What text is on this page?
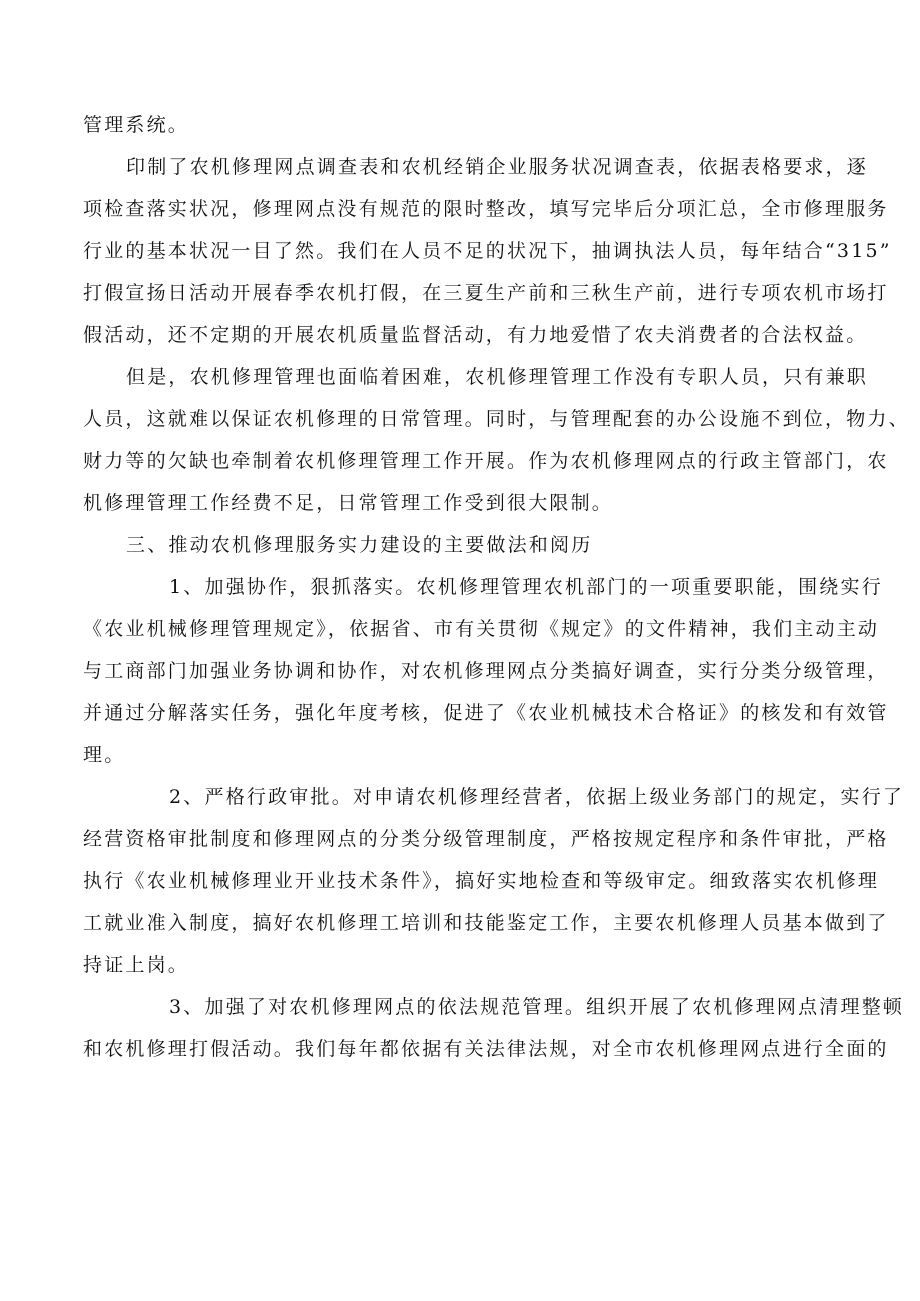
管理系统。
印制了农机修理网点调查表和农机经销企业服务状况调查表，依据表格要求，逐
项检查落实状况，修理网点没有规范的限时整改，填写完毕后分项汇总，全市修理服务
行业的基本状况一目了然。我们在人员不足的状况下，抽调执法人员，每年结合“315”
打假宣扬日活动开展春季农机打假，在三夏生产前和三秋生产前，进行专项农机市场打
假活动，还不定期的开展农机质量监督活动，有力地爱惜了农夫消费者的合法权益。
但是，农机修理管理也面临着困难，农机修理管理工作没有专职人员，只有兼职
人员，这就难以保证农机修理的日常管理。同时，与管理配套的办公设施不到位，物力、
财力等的欠缺也牵制着农机修理管理工作开展。作为农机修理网点的行政主管部门，农
机修理管理工作经费不足，日常管理工作受到很大限制。
三、推动农机修理服务实力建设的主要做法和阅历
1、加强协作，狠抓落实。农机修理管理农机部门的一项重要职能，围绕实行
《农业机械修理管理规定》，依据省、市有关贯彻《规定》的文件精神，我们主动主动
与工商部门加强业务协调和协作，对农机修理网点分类搞好调查，实行分类分级管理，
并通过分解落实任务，强化年度考核，促进了《农业机械技术合格证》的核发和有效管
理。
2、严格行政审批。对申请农机修理经营者，依据上级业务部门的规定，实行了
经营资格审批制度和修理网点的分类分级管理制度，严格按规定程序和条件审批，严格
执行《农业机械修理业开业技术条件》，搞好实地检查和等级审定。细致落实农机修理
工就业准入制度，搞好农机修理工培训和技能鉴定工作，主要农机修理人员基本做到了
持证上岗。
3、加强了对农机修理网点的依法规范管理。组织开展了农机修理网点清理整顿
和农机修理打假活动。我们每年都依据有关法律法规，对全市农机修理网点进行全面的
